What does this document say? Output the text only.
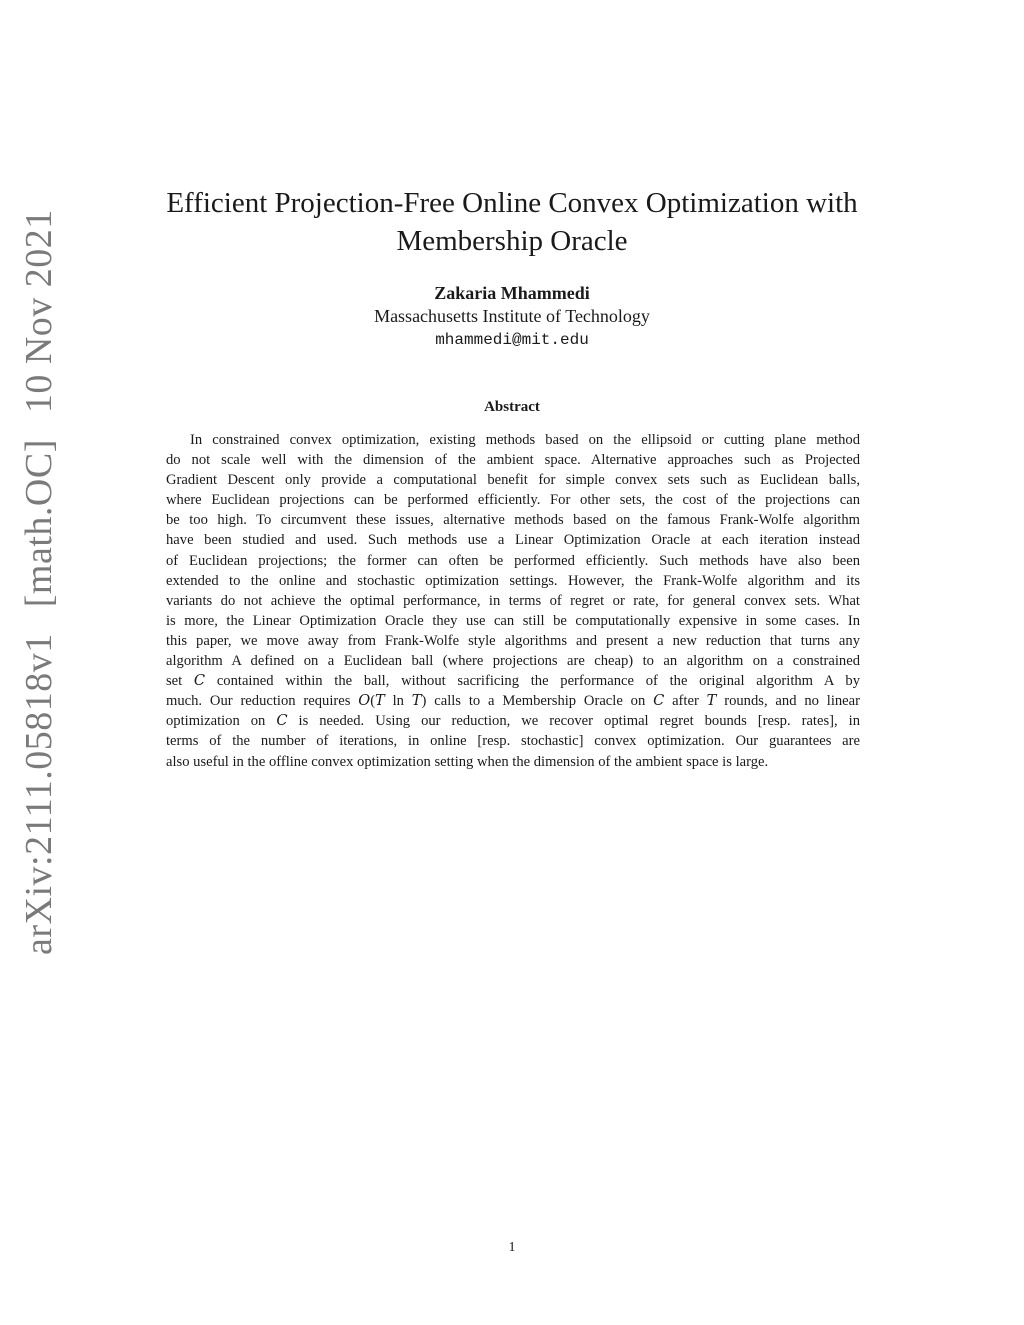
arXiv:2111.05818v1[math.OC]10 Nov 2021
Efficient Projection-Free Online Convex Optimization with
Membership Oracle
Zakaria Mhammedi
Massachusetts Institute of Technology
mhammedi@mit.edu
Abstract
In constrained convex optimization, existing methods based on the ellipsoid or cutting plane method
do not scale well with the dimension of the ambient space. Alternative approaches such as Projected
Gradient Descent only provide a computational benefit for simple convex sets such as Euclidean balls,
where Euclidean projections can be performed efficiently. For other sets, the cost of the projections can
be too high. To circumvent these issues, alternative methods based on the famous Frank-Wolfe algorithm
have been studied and used. Such methods use a Linear Optimization Oracle at each iteration instead
of Euclidean projections; the former can often be performed efficiently. Such methods have also been
extended to the online and stochastic optimization settings. However, the Frank-Wolfe algorithm and its
variants do not achieve the optimal performance, in terms of regret or rate, for general convex sets. What
is more, the Linear Optimization Oracle they use can still be computationally expensive in some cases. In
this paper, we move away from Frank-Wolfe style algorithms and present a new reduction that turns any
algorithm A defined on a Euclidean ball (where projections are cheap) to an algorithm on a constrained
set 𝐶 contained within the ball, without sacrificing the performance of the original algorithm A by
much. Our reduction requires 𝑂(𝑇 ln 𝑇) calls to a Membership Oracle on 𝐶 after 𝑇 rounds, and no linear
optimization on 𝐶 is needed. Using our reduction, we recover optimal regret bounds [resp. rates], in
terms of the number of iterations, in online [resp. stochastic] convex optimization. Our guarantees are
also useful in the offline convex optimization setting when the dimension of the ambient space is large.
1
